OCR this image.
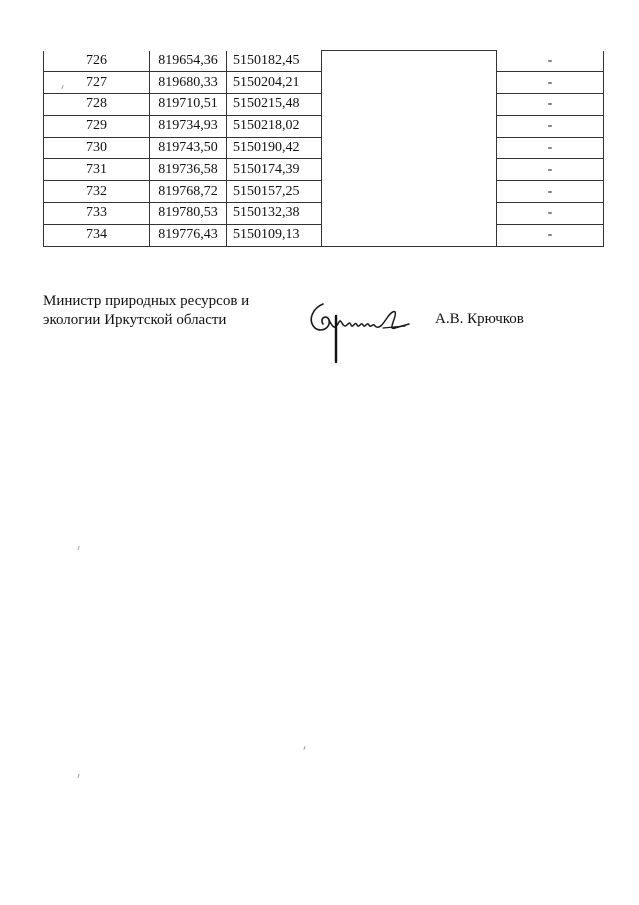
726	819654,36	5150182,45		-
727	819680,33	5150204,21		-
728	819710,51	5150215,48		-
729	819734,93	5150218,02		-
730	819743,50	5150190,42		-
731	819736,58	5150174,39		-
732	819768,72	5150157,25		-
733	819780,53	5150132,38		-
734	819776,43	5150109,13		-
Министр природных ресурсов и
экологии Иркутской области	А.В. Крючков
